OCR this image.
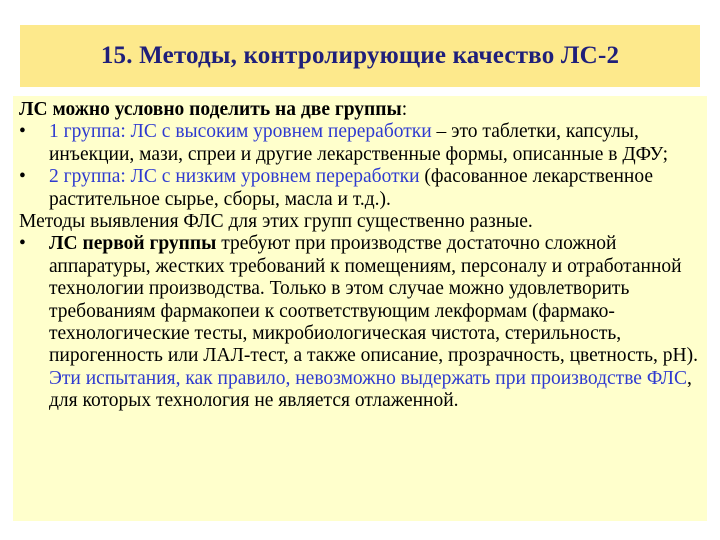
15. Методы, контролирующие качество ЛС-2

ЛС можно условно поделить на две группы:

• 1 группа: ЛС с высоким уровнем переработки – это таблетки, капсулы, инъекции, мази, спреи и другие лекарственные формы, описанные в ДФУ;

• 2 группа: ЛС с низким уровнем переработки (фасованное лекарственное растительное сырье, сборы, масла и т.д.).

Методы выявления ФЛС для этих групп существенно разные.

• ЛС первой группы требуют при производстве достаточно сложной аппаратуры, жестких требований к помещениям, персоналу и отработанной технологии производства. Только в этом случае можно удовлетворить требованиям фармакопеи к соответствующим лекформам (фармако-технологические тесты, микробиологическая чистота, стерильность, пирогенность или ЛАЛ-тест, а также описание, прозрачность, цветность, pH). Эти испытания, как правило, невозможно выдержать при производстве ФЛС, для которых технология не является отлаженной.
